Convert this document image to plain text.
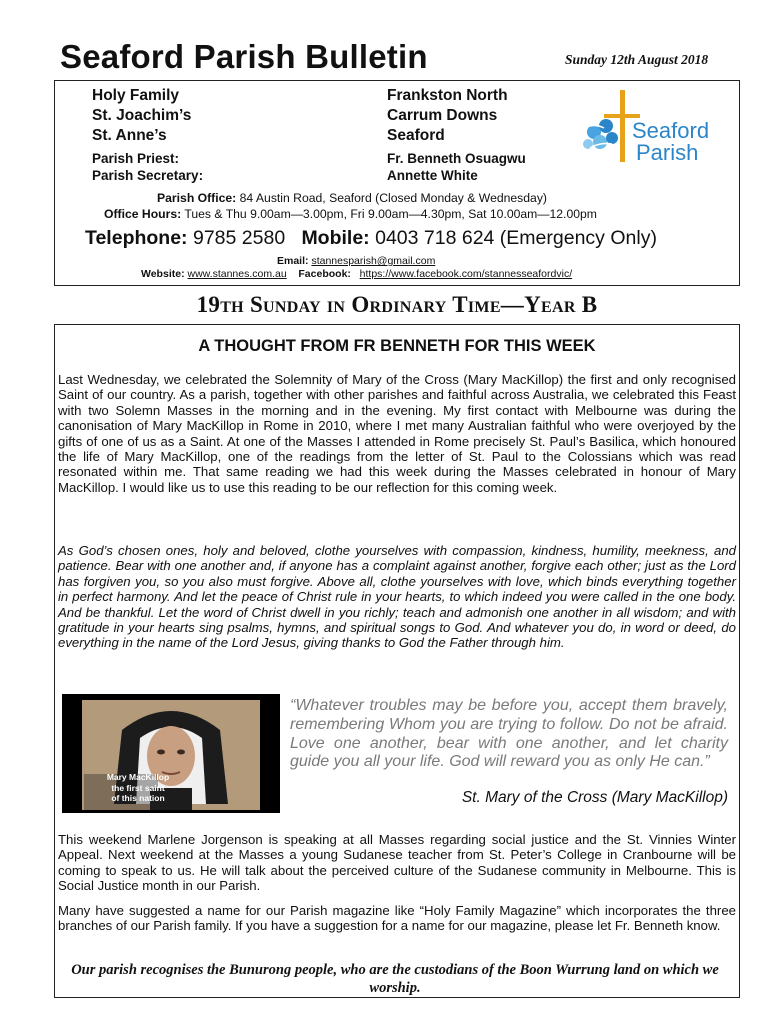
Seaford Parish Bulletin	Sunday 12th August 2018
Holy Family
St. Joachim’s
St. Anne’s
Frankston North
Carrum Downs
Seaford
Parish Priest:
Parish Secretary:
Fr. Benneth Osuagwu
Annette White
Seaford
Parish
Parish Office: 84 Austin Road, Seaford (Closed Monday & Wednesday)
Office Hours: Tues & Thu 9.00am—3.00pm, Fri 9.00am—4.30pm, Sat 10.00am—12.00pm
Telephone: 9785 2580 Mobile: 0403 718 624 (Emergency Only)
Email: stannesparish@gmail.com
Website: www.stannes.com.au Facebook: https://www.facebook.com/stannesseafordvic/
19th Sunday in Ordinary Time—Year B
A THOUGHT FROM FR BENNETH FOR THIS WEEK
Last Wednesday, we celebrated the Solemnity of Mary of the Cross (Mary MacKillop) the first and only recognised Saint of our country. As a parish, together with other parishes and faithful across Australia, we celebrated this Feast with two Solemn Masses in the morning and in the evening. My first contact with Melbourne was during the canonisation of Mary MacKillop in Rome in 2010, where I met many Australian faithful who were overjoyed by the gifts of one of us as a Saint. At one of the Masses I attended in Rome precisely St. Paul’s Basilica, which honoured the life of Mary MacKillop, one of the readings from the letter of St. Paul to the Colossians which was read resonated within me. That same reading we had this week during the Masses celebrated in honour of Mary MacKillop. I would like us to use this reading to be our reflection for this coming week.
As God’s chosen ones, holy and beloved, clothe yourselves with compassion, kindness, humility, meekness, and patience. Bear with one another and, if anyone has a complaint against another, forgive each other; just as the Lord has forgiven you, so you also must forgive. Above all, clothe yourselves with love, which binds everything together in perfect harmony. And let the peace of Christ rule in your hearts, to which indeed you were called in the one body. And be thankful. Let the word of Christ dwell in you richly; teach and admonish one another in all wisdom; and with gratitude in your hearts sing psalms, hymns, and spiritual songs to God. And whatever you do, in word or deed, do everything in the name of the Lord Jesus, giving thanks to God the Father through him.
Mary MacKillop
the first saint
of this nation
“Whatever troubles may be before you, accept them bravely, remembering Whom you are trying to follow. Do not be afraid. Love one another, bear with one another, and let charity guide you all your life. God will reward you as only He can.”
St. Mary of the Cross (Mary MacKillop)
This weekend Marlene Jorgenson is speaking at all Masses regarding social justice and the St. Vinnies Winter Appeal. Next weekend at the Masses a young Sudanese teacher from St. Peter’s College in Cranbourne will be coming to speak to us. He will talk about the perceived culture of the Sudanese community in Melbourne. This is Social Justice month in our Parish.
Many have suggested a name for our Parish magazine like “Holy Family Magazine” which incorporates the three branches of our Parish family. If you have a suggestion for a name for our magazine, please let Fr. Benneth know.
Our parish recognises the Bunurong people, who are the custodians of the Boon Wurrung land on which we worship.
